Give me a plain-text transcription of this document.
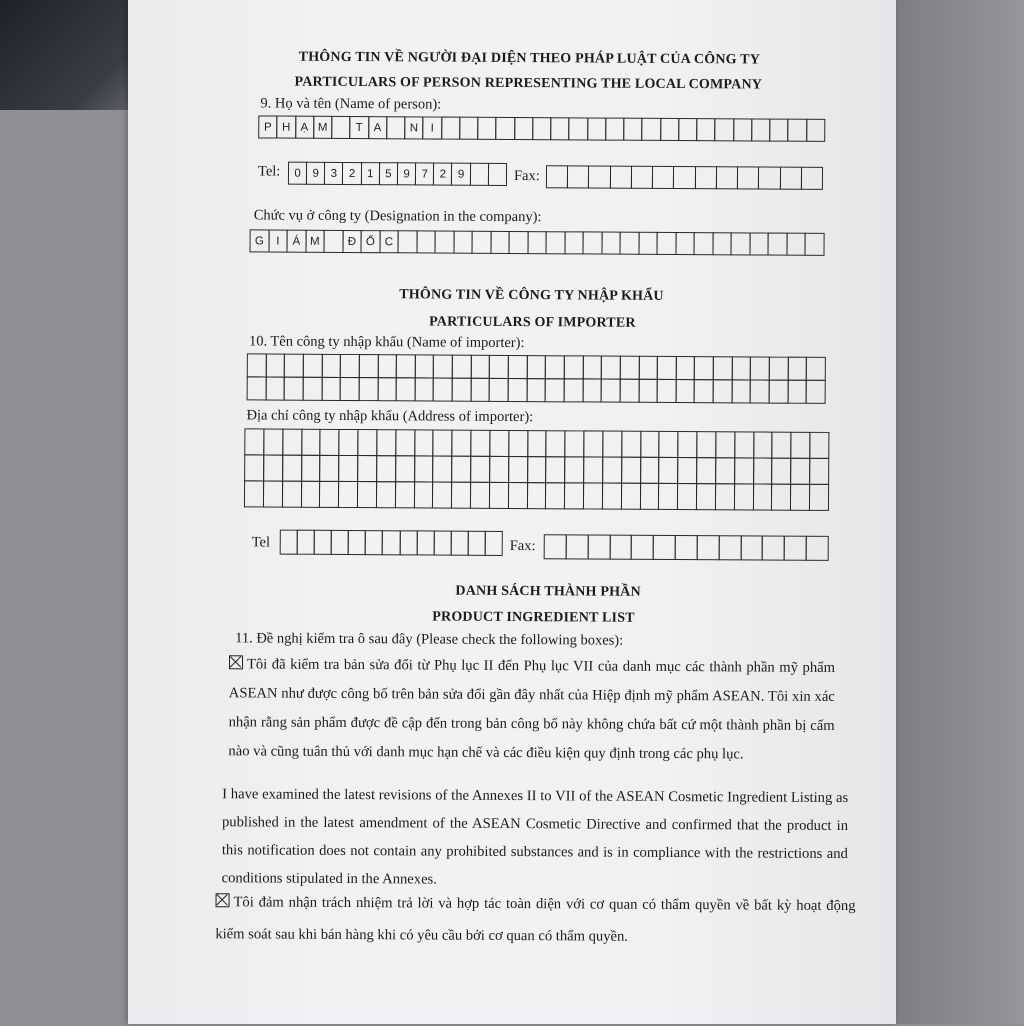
THÔNG TIN VỀ NGƯỜI ĐẠI DIỆN THEO PHÁP LUẬT CỦA CÔNG TY
PARTICULARS OF PERSON REPRESENTING THE LOCAL COMPANY
9. Họ và tên (Name of person):
P H Ạ M	T A	N	I
Tel:	0	9	3	2	1	5	9	7	2	9	Fax:
Chức vụ ở công ty (Designation in the company):
G	I	Á M	Đ Ố C
THÔNG TIN VỀ CÔNG TY NHẬP KHẨU
PARTICULARS OF IMPORTER
10. Tên công ty nhập khẩu (Name of importer):
Địa chỉ công ty nhập khẩu (Address of importer):
Tel	Fax:
DANH SÁCH THÀNH PHẦN
PRODUCT INGREDIENT LIST
11. Đề nghị kiểm tra ô sau đây (Please check the following boxes):
Tôi đã kiểm tra bản sửa đổi từ Phụ lục II đến Phụ lục VII của danh mục các thành phần mỹ phẩm ASEAN như được công bố trên bản sửa đổi gần đây nhất của Hiệp định mỹ phẩm ASEAN. Tôi xin xác nhận rằng sản phẩm được đề cập đến trong bản công bố này không chứa bất cứ một thành phần bị cấm nào và cũng tuân thủ với danh mục hạn chế và các điều kiện quy định trong các phụ lục.
I have examined the latest revisions of the Annexes II to VII of the ASEAN Cosmetic Ingredient Listing as published in the latest amendment of the ASEAN Cosmetic Directive and confirmed that the product in this notification does not contain any prohibited substances and is in compliance with the restrictions and conditions stipulated in the Annexes.
Tôi đảm nhận trách nhiệm trả lời và hợp tác toàn diện với cơ quan có thẩm quyền về bất kỳ hoạt động kiểm soát sau khi bán hàng khi có yêu cầu bởi cơ quan có thẩm quyền.
